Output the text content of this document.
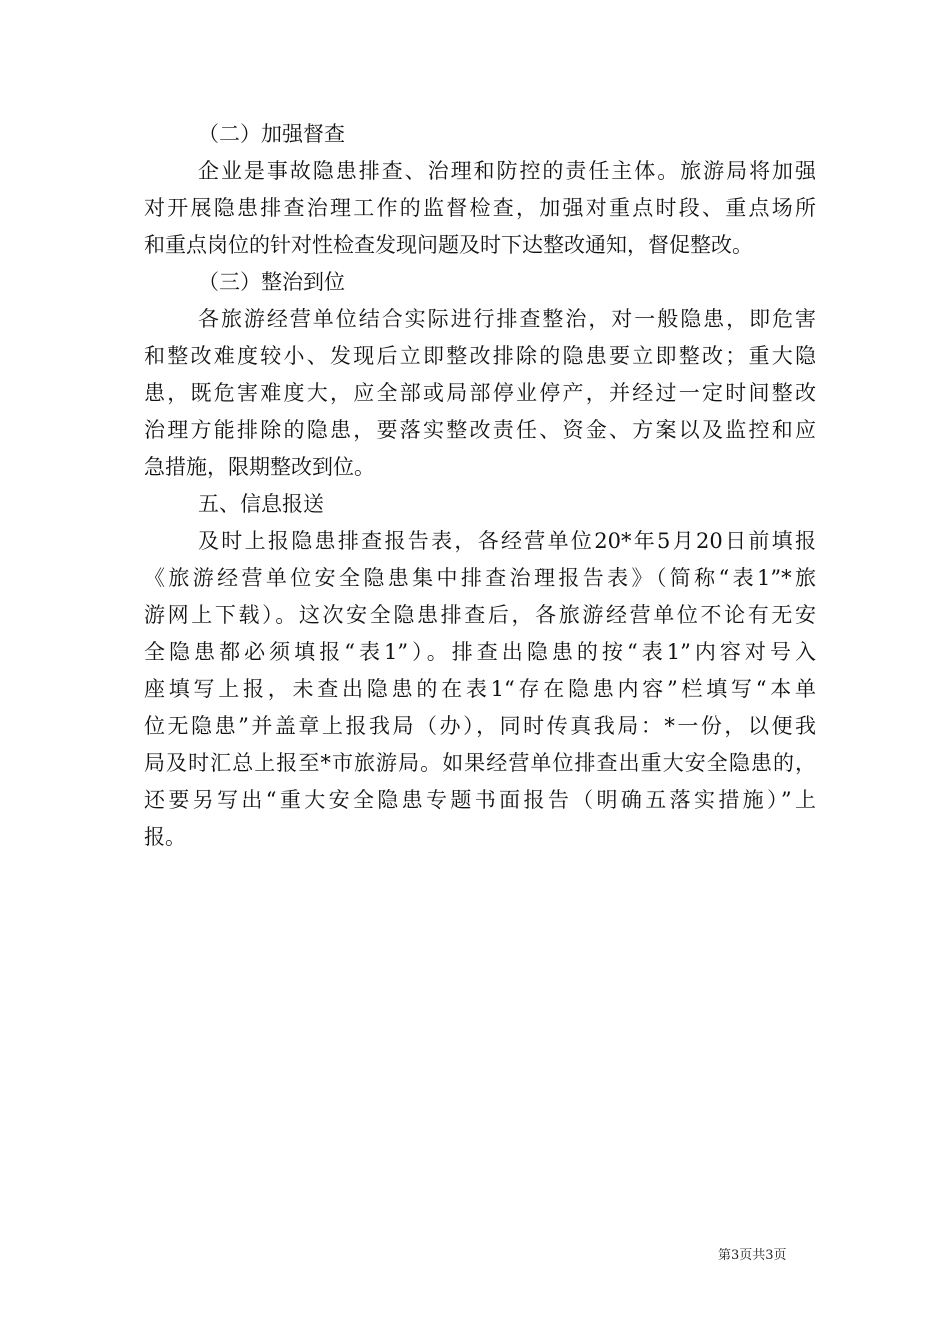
（二）加强督查
企业是事故隐患排查、治理和防控的责任主体。旅游局将加强
对开展隐患排查治理工作的监督检查，加强对重点时段、重点场所
和重点岗位的针对性检查发现问题及时下达整改通知，督促整改。
（三）整治到位
各旅游经营单位结合实际进行排查整治，对一般隐患，即危害
和整改难度较小、发现后立即整改排除的隐患要立即整改；重大隐
患，既危害难度大，应全部或局部停业停产，并经过一定时间整改
治理方能排除的隐患，要落实整改责任、资金、方案以及监控和应
急措施，限期整改到位。
五、信息报送
及时上报隐患排查报告表，各经营单位20*年5月20日前填报
《旅游经营单位安全隐患集中排查治理报告表》（简称“表1”*旅
游网上下载）。这次安全隐患排查后，各旅游经营单位不论有无安
全隐患都必须填报“表1”）。排查出隐患的按“表1”内容对号入
座填写上报，未查出隐患的在表1“存在隐患内容”栏填写“本单
位无隐患”并盖章上报我局（办），同时传真我局：*一份，以便我
局及时汇总上报至*市旅游局。如果经营单位排查出重大安全隐患的，
还要另写出“重大安全隐患专题书面报告（明确五落实措施）”上
报。
第3页共3页
